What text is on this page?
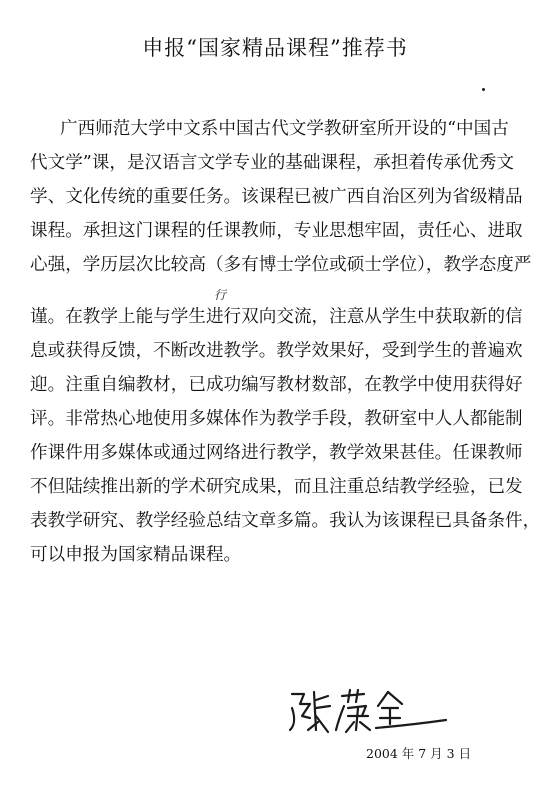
申报“国家精品课程”推荐书
广西师范大学中文系中国古代文学教研室所开设的“中国古
代文学”课，是汉语言文学专业的基础课程，承担着传承优秀文
学、文化传统的重要任务。该课程已被广西自治区列为省级精品
课程。承担这门课程的任课教师，专业思想牢固，责任心、进取
心强，学历层次比较高（多有博士学位或硕士学位），教学态度严
谨。在教学上能与学生进行双向交流，注意从学生中获取新的信
息或获得反馈，不断改进教学。教学效果好，受到学生的普遍欢
迎。注重自编教材，已成功编写教材数部，在教学中使用获得好
评。非常热心地使用多媒体作为教学手段，教研室中人人都能制
作课件用多媒体或通过网络进行教学，教学效果甚佳。任课教师
不但陆续推出新的学术研究成果，而且注重总结教学经验，已发
表教学研究、教学经验总结文章多篇。我认为该课程已具备条件，
可以申报为国家精品课程。
行
2004 年 7 月 3 日
